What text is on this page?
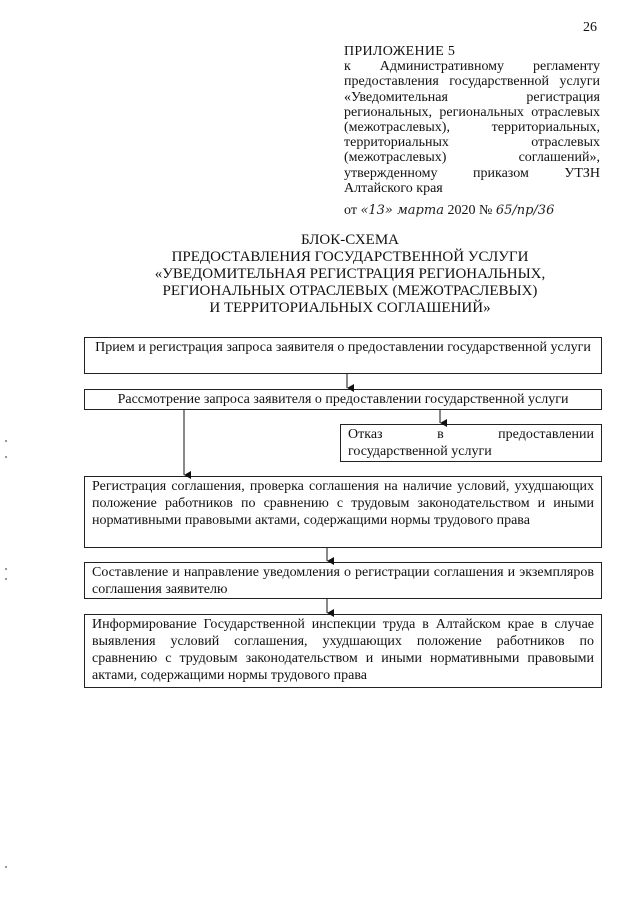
26
ПРИЛОЖЕНИЕ 5
к Административному регламенту предоставления государственной услуги «Уведомительная регистрация региональных, региональных отраслевых (межотраслевых), территориальных, территориальных отраслевых (межотраслевых) соглашений», утвержденному приказом УТЗН Алтайского края
от «13» марта 2020 № 65/пр/36
БЛОК-СХЕМА
ПРЕДОСТАВЛЕНИЯ ГОСУДАРСТВЕННОЙ УСЛУГИ
«УВЕДОМИТЕЛЬНАЯ РЕГИСТРАЦИЯ РЕГИОНАЛЬНЫХ,
РЕГИОНАЛЬНЫХ ОТРАСЛЕВЫХ (МЕЖОТРАСЛЕВЫХ)
И ТЕРРИТОРИАЛЬНЫХ СОГЛАШЕНИЙ»
Прием и регистрация запроса заявителя о предоставлении государственной услуги
Рассмотрение запроса заявителя о предоставлении государственной услуги
Отказ в предоставлении государственной услуги
Регистрация соглашения, проверка соглашения на наличие условий, ухудшающих положение работников по сравнению с трудовым законодательством и иными нормативными правовыми актами, содержащими нормы трудового права
Составление и направление уведомления о регистрации соглашения и экземпляров соглашения заявителю
Информирование Государственной инспекции труда в Алтайском крае в случае выявления условий соглашения, ухудшающих положение работников по сравнению с трудовым законодательством и иными нормативными правовыми актами, содержащими нормы трудового права
